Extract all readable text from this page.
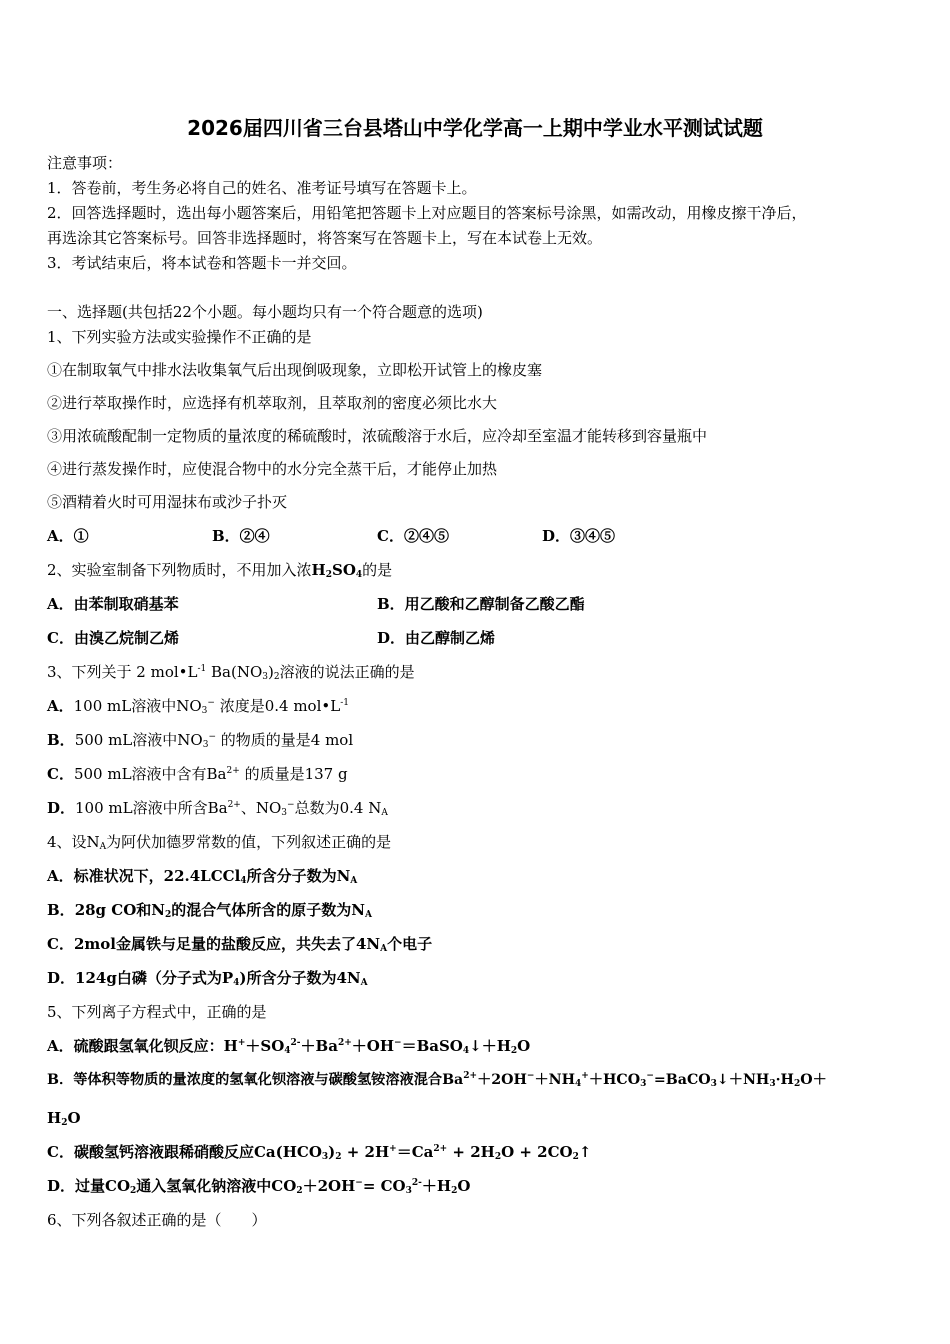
2026届四川省三台县塔山中学化学高一上期中学业水平测试试题
注意事项：
1．答卷前，考生务必将自己的姓名、准考证号填写在答题卡上。
2．回答选择题时，选出每小题答案后，用铅笔把答题卡上对应题目的答案标号涂黑，如需改动，用橡皮擦干净后，
再选涂其它答案标号。回答非选择题时，将答案写在答题卡上，写在本试卷上无效。
3．考试结束后，将本试卷和答题卡一并交回。
一、选择题(共包括22个小题。每小题均只有一个符合题意的选项)
1、下列实验方法或实验操作不正确的是
①在制取氧气中排水法收集氧气后出现倒吸现象，立即松开试管上的橡皮塞
②进行萃取操作时，应选择有机萃取剂，且萃取剂的密度必须比水大
③用浓硫酸配制一定物质的量浓度的稀硫酸时，浓硫酸溶于水后，应冷却至室温才能转移到容量瓶中
④进行蒸发操作时，应使混合物中的水分完全蒸干后，才能停止加热
⑤酒精着火时可用湿抹布或沙子扑灭
A．①	B．②④	C．②④⑤	D．③④⑤
2、实验室制备下列物质时，不用加入浓$H_2SO_4$的是
A．由苯制取硝基苯	B．用乙酸和乙醇制备乙酸乙酯
C．由溴乙烷制乙烯	D．由乙醇制乙烯
3、下列关于 2 $mol•L^{-1}$ $Ba(NO_3)_2$溶液的说法正确的是
A．100 mL溶液中$NO_3^-$ 浓度是0.4 $mol•L^{-1}$
B．500 mL溶液中$NO_3^-$ 的物质的量是4 mol
C．500 mL溶液中含有$Ba^{2+}$ 的质量是137 g
D．100 mL溶液中所含$Ba^{2+}$、$NO_3^-$总数为0.4 $N_A$
4、设$N_A$为阿伏加德罗常数的值，下列叙述正确的是
A．标准状况下，22.4LCCl$_4$所含分子数为$N_A$
B．28g CO和$N_2$的混合气体所含的原子数为$N_A$
C．2mol金属铁与足量的盐酸反应，共失去了$4N_A$个电子
D．124g白磷（分子式为$P_4$)所含分子数为$4N_A$
5、下列离子方程式中，正确的是
A．硫酸跟氢氧化钡反应：$H^++SO_4^{2-}+Ba^{2+}+OH^-=BaSO_4↓+H_2O$
B．等体积等物质的量浓度的氢氧化钡溶液与碳酸氢铵溶液混合$Ba^{2+}+2OH^-+NH_4^++HCO_3^-=BaCO_3↓+NH_3\cdot H_2O+$
$H_2O$
C．碳酸氢钙溶液跟稀硝酸反应$Ca(HCO_3)_2 + 2H^+=Ca^{2+} + 2H_2O$ + $2CO_2↑$
D．过量$CO_2$通入氢氧化钠溶液中$CO_2+2OH^-= CO_3^{2-}+H_2O$
6、下列各叙述正确的是（　　）
